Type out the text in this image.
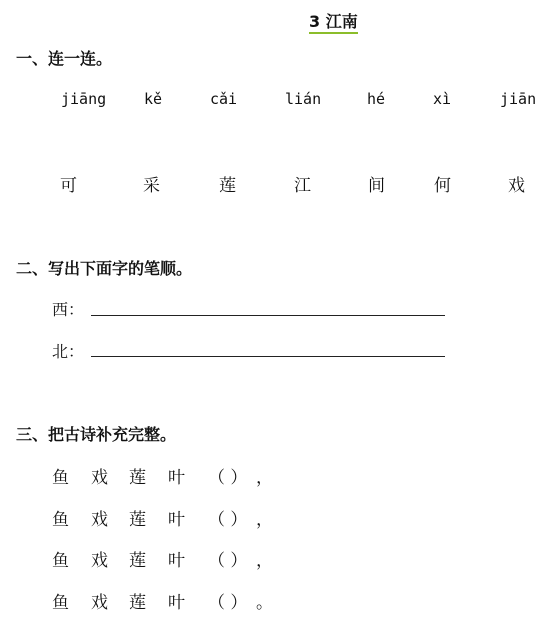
3 江南
一、连一连。
jiāng	kě	cǎi	lián	hé	xì	jiān
可	采	莲	江	间	何	戏
二、写出下面字的笔顺。
西：
北：
三、把古诗补充完整。
鱼 戏 莲 叶 （ ） ，
鱼 戏 莲 叶 （ ） ，
鱼 戏 莲 叶 （ ） ，
鱼 戏 莲 叶 （ ） 。
